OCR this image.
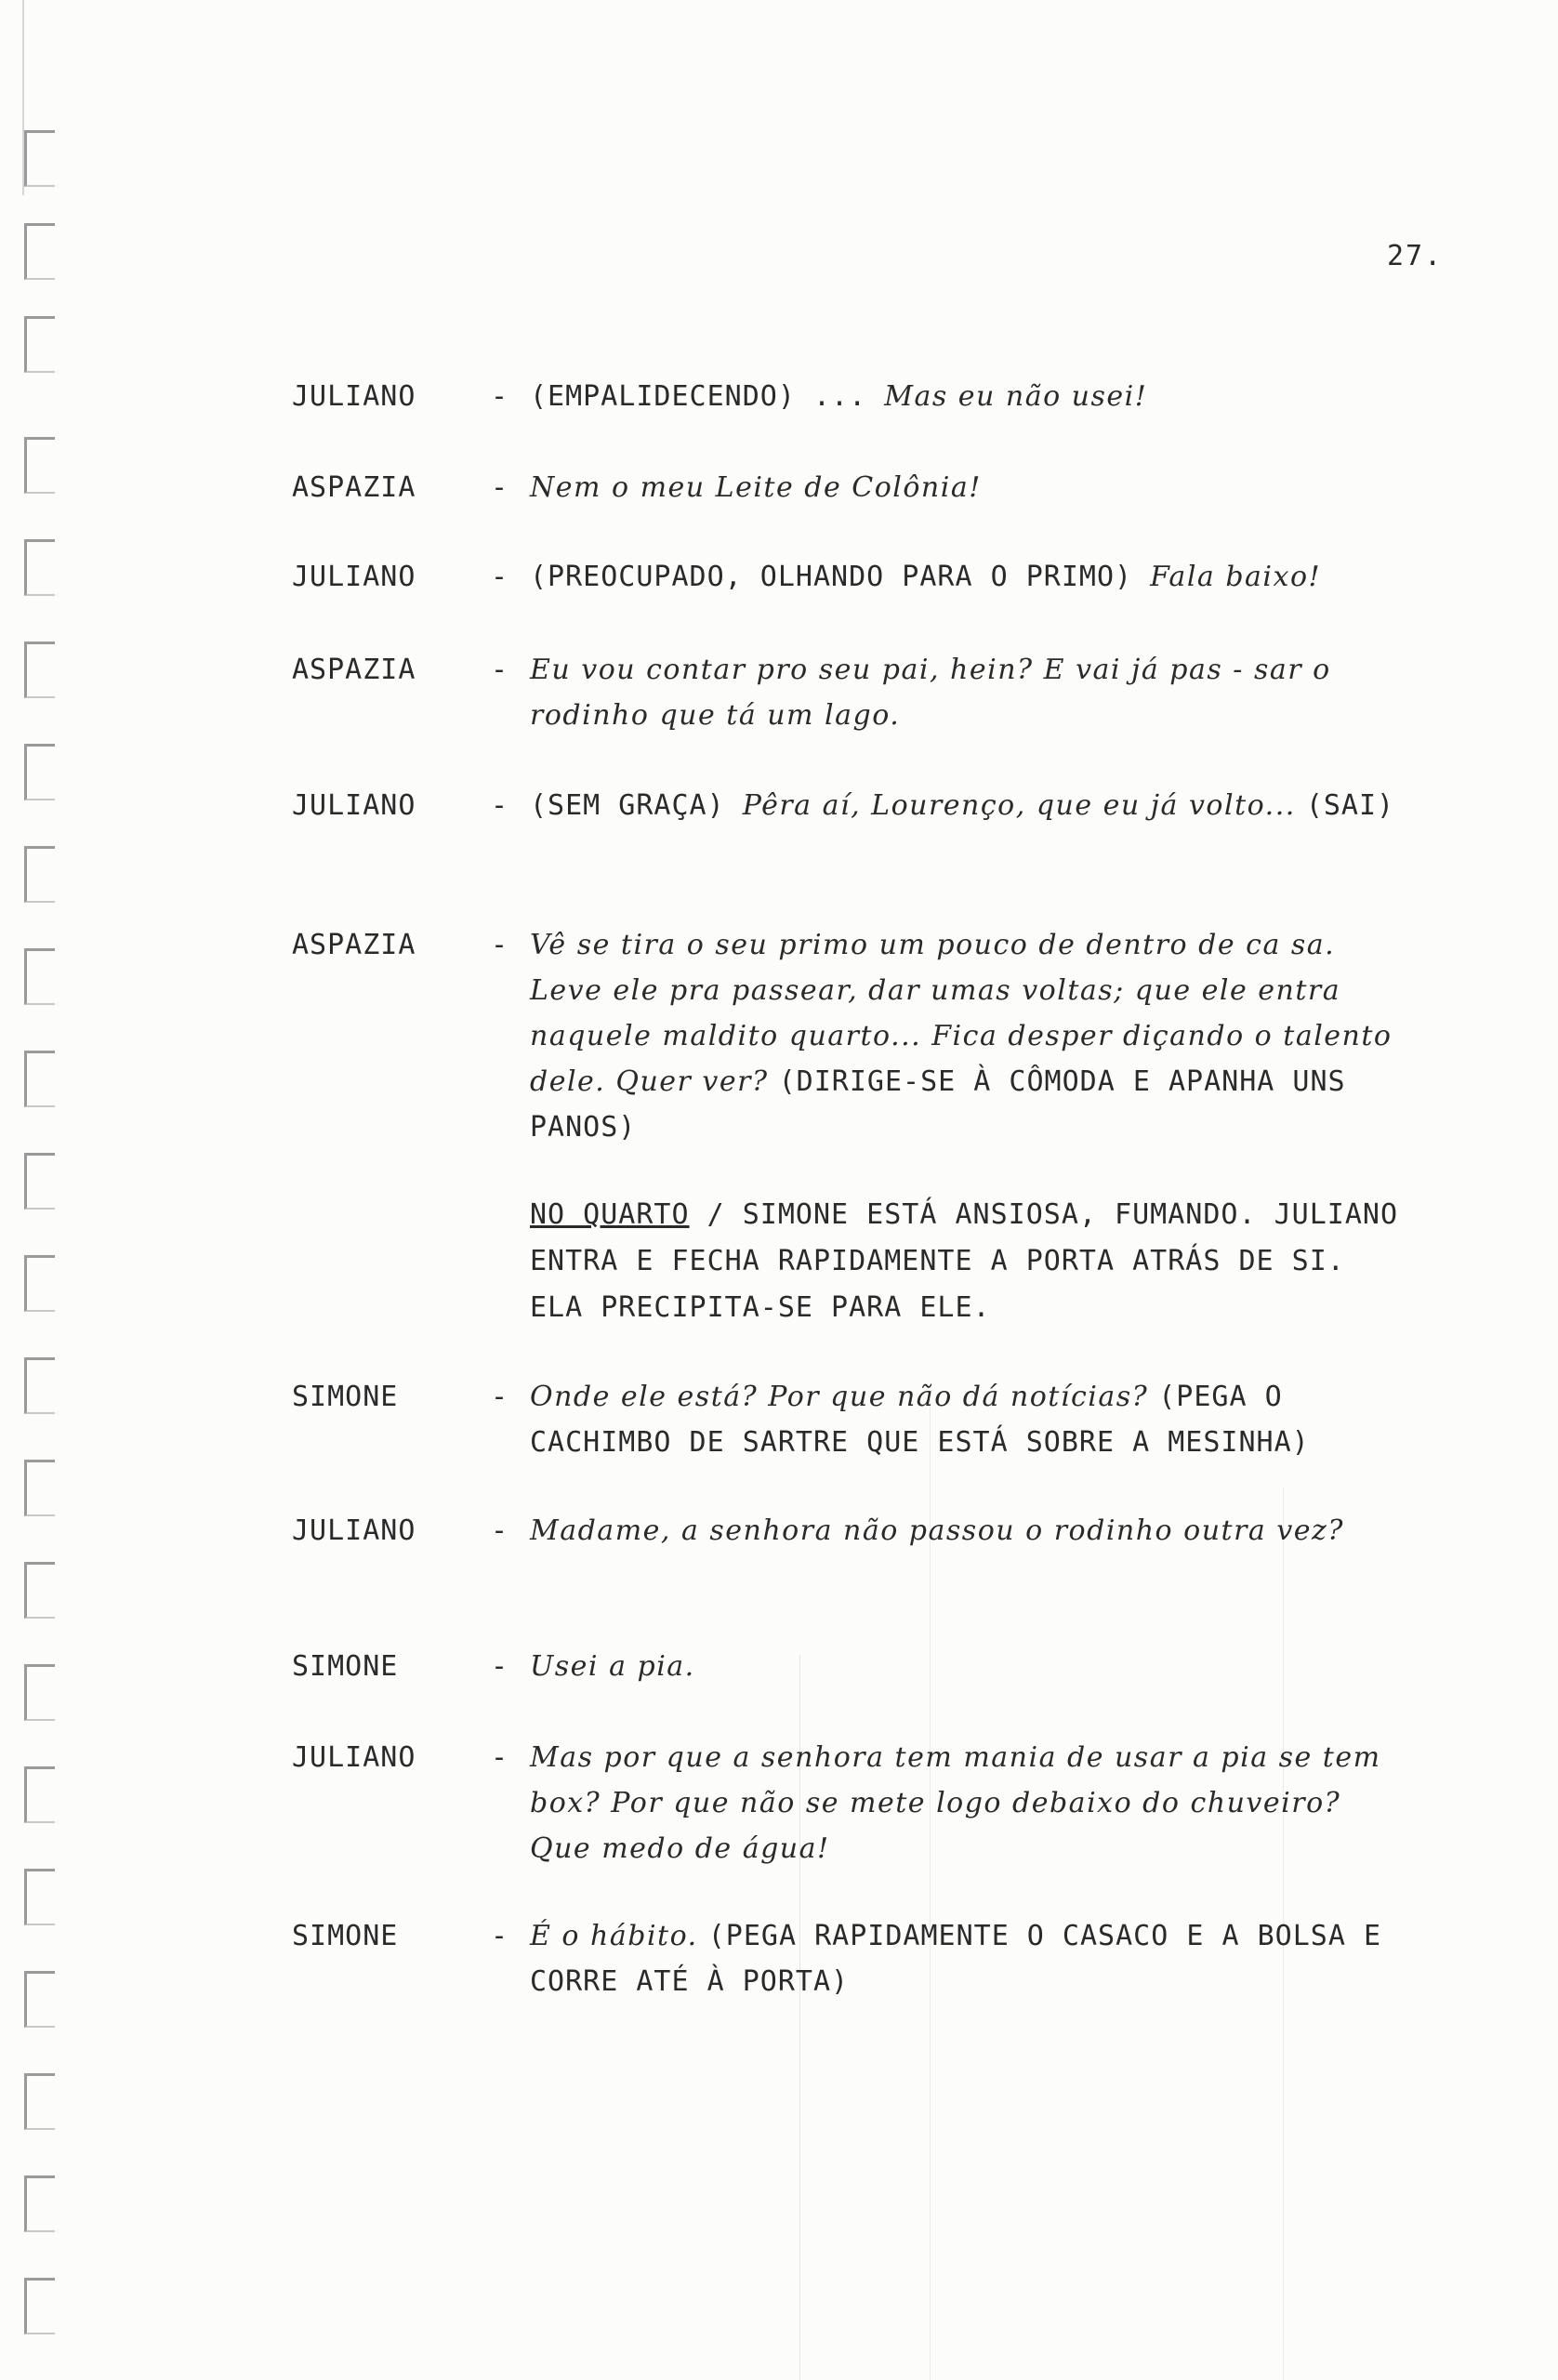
27.
JULIANO	- (EMPALIDECENDO) ... Mas eu não usei!
ASPAZIA	- Nem o meu Leite de Colônia!
JULIANO	- (PREOCUPADO, OLHANDO PARA O PRIMO) Fala baixo!
ASPAZIA	- Eu vou contar pro seu pai, hein? E vai já pas - sar o rodinho que tá um lago.
JULIANO	- (SEM GRAÇA) Pêra aí, Lourenço, que eu já volto... (SAI)
ASPAZIA	- Vê se tira o seu primo um pouco de dentro de ca sa. Leve ele pra passear, dar umas voltas; que ele entra naquele maldito quarto... Fica desper diçando o talento dele. Quer ver? (DIRIGE-SE À CÔMODA E APANHA UNS PANOS)
NO QUARTO / SIMONE ESTÁ ANSIOSA, FUMANDO. JULIANO ENTRA E FECHA RAPIDAMENTE A PORTA ATRÁS DE SI. ELA PRECIPITA-SE PARA ELE.
SIMONE	- Onde ele está? Por que não dá notícias? (PEGA O CACHIMBO DE SARTRE QUE ESTÁ SOBRE A MESINHA)
JULIANO	- Madame, a senhora não passou o rodinho outra vez?
SIMONE	- Usei a pia.
JULIANO	- Mas por que a senhora tem mania de usar a pia se tem box? Por que não se mete logo debaixo do chuveiro? Que medo de água!
SIMONE	- É o hábito. (PEGA RAPIDAMENTE O CASACO E A BOLSA E CORRE ATÉ À PORTA)
